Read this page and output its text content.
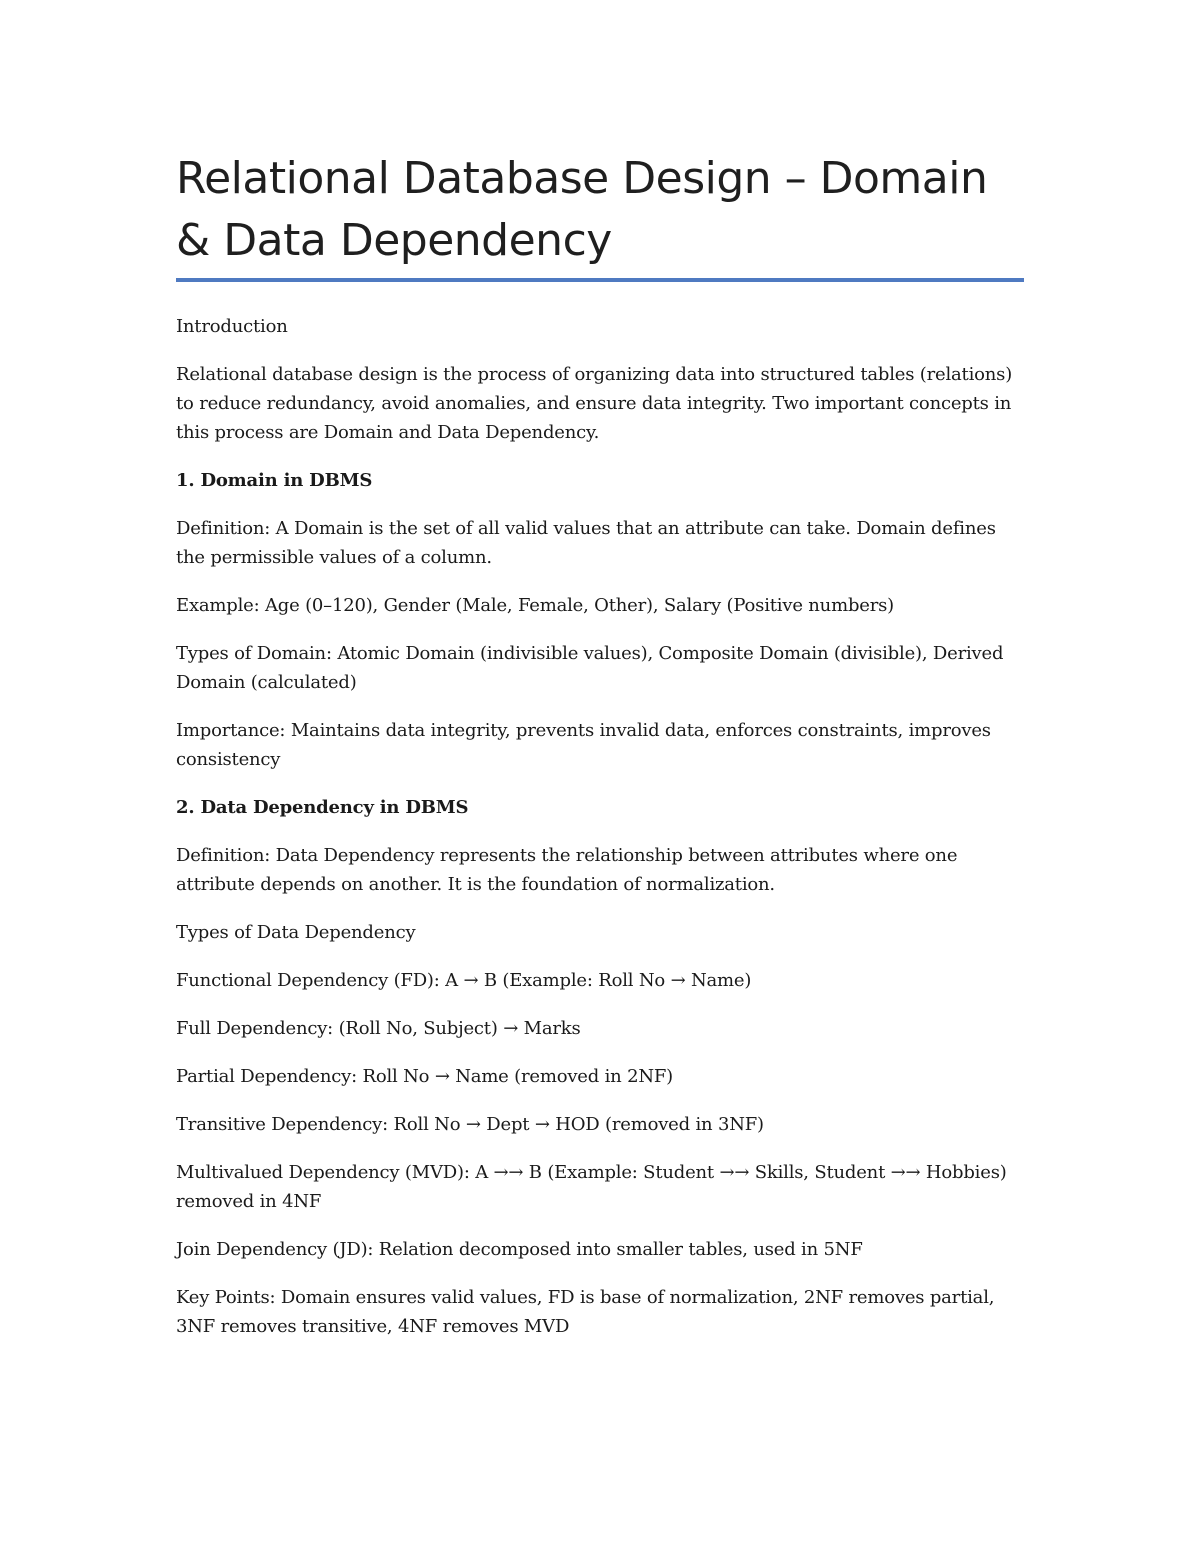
Relational Database Design – Domain & Data Dependency

Introduction

Relational database design is the process of organizing data into structured tables (relations) to reduce redundancy, avoid anomalies, and ensure data integrity. Two important concepts in this process are Domain and Data Dependency.

1. Domain in DBMS

Definition: A Domain is the set of all valid values that an attribute can take. Domain defines the permissible values of a column.

Example: Age (0–120), Gender (Male, Female, Other), Salary (Positive numbers)

Types of Domain: Atomic Domain (indivisible values), Composite Domain (divisible), Derived Domain (calculated)

Importance: Maintains data integrity, prevents invalid data, enforces constraints, improves consistency

2. Data Dependency in DBMS

Definition: Data Dependency represents the relationship between attributes where one attribute depends on another. It is the foundation of normalization.

Types of Data Dependency

Functional Dependency (FD): A → B (Example: Roll No → Name)

Full Dependency: (Roll No, Subject) → Marks

Partial Dependency: Roll No → Name (removed in 2NF)

Transitive Dependency: Roll No → Dept → HOD (removed in 3NF)

Multivalued Dependency (MVD): A →→ B (Example: Student →→ Skills, Student →→ Hobbies) removed in 4NF

Join Dependency (JD): Relation decomposed into smaller tables, used in 5NF

Key Points: Domain ensures valid values, FD is base of normalization, 2NF removes partial, 3NF removes transitive, 4NF removes MVD
